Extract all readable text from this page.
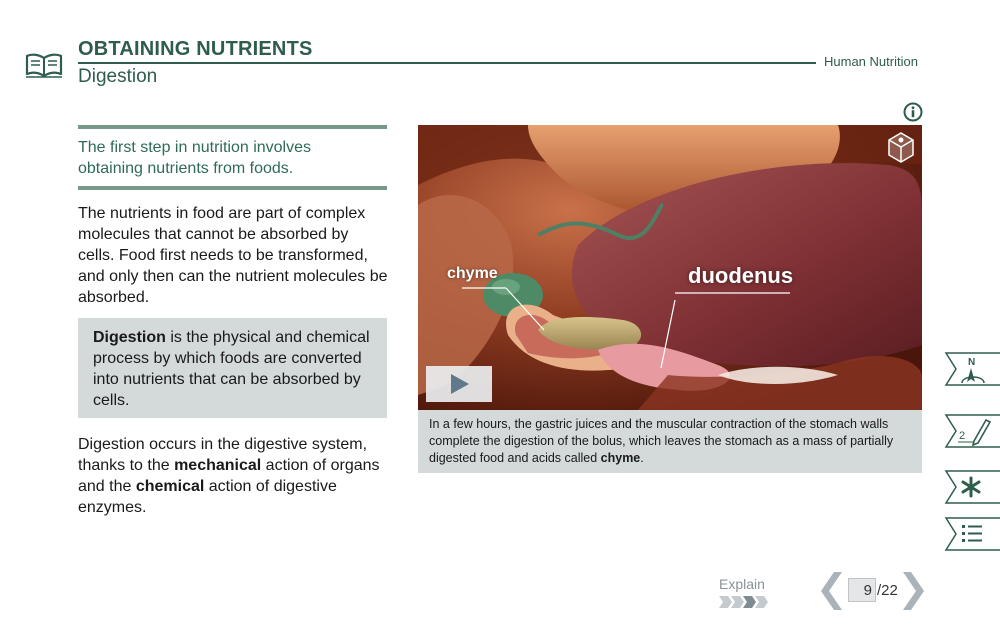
OBTAINING NUTRIENTS
Digestion
Human Nutrition
The first step in nutrition involves obtaining nutrients from foods.
The nutrients in food are part of complex molecules that cannot be absorbed by cells. Food first needs to be transformed, and only then can the nutrient molecules be absorbed.
Digestion is the physical and chemical process by which foods are converted into nutrients that can be absorbed by cells.
Digestion occurs in the digestive system, thanks to the mechanical action of organs and the chemical action of digestive enzymes.
chyme	duodenus
In a few hours, the gastric juices and the muscular contraction of the stomach walls complete the digestion of the bolus, which leaves the stomach as a mass of partially digested food and acids called chyme.
N
2
Explain	9 /22
